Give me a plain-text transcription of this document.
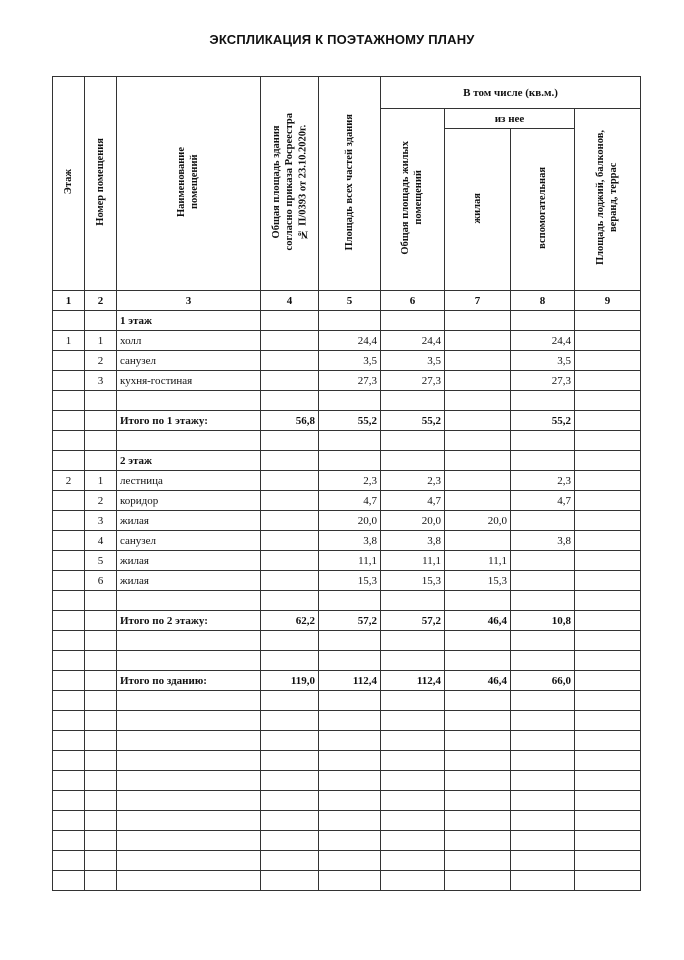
ЭКСПЛИКАЦИЯ К ПОЭТАЖНОМУ ПЛАНУ
Этаж	Номер помещения	Наименование помещений	Общая площадь здания согласно приказа Росреестра № П/0393 от 23.10.2020г.	Площадь всех частей здания	В том числе (кв.м.)			
					Общая площадь жилых помещений	из нее		Площадь лоджий, балконов, веранд, террас
						жилая	вспомогательная	
1	2	3	4	5	6	7	8	9
		1 этаж						
1	1	холл		24,4	24,4		24,4	
	2	санузел		3,5	3,5		3,5	
	3	кухня-гостиная		27,3	27,3		27,3	

		Итого по 1 этажу:	56,8	55,2	55,2		55,2	

		2 этаж						
2	1	лестница		2,3	2,3		2,3	
	2	коридор		4,7	4,7		4,7	
	3	жилая		20,0	20,0	20,0		
	4	санузел		3,8	3,8		3,8	
	5	жилая		11,1	11,1	11,1		
	6	жилая		15,3	15,3	15,3		

		Итого по 2 этажу:	62,2	57,2	57,2	46,4	10,8	

		Итого по зданию:	119,0	112,4	112,4	46,4	66,0	
